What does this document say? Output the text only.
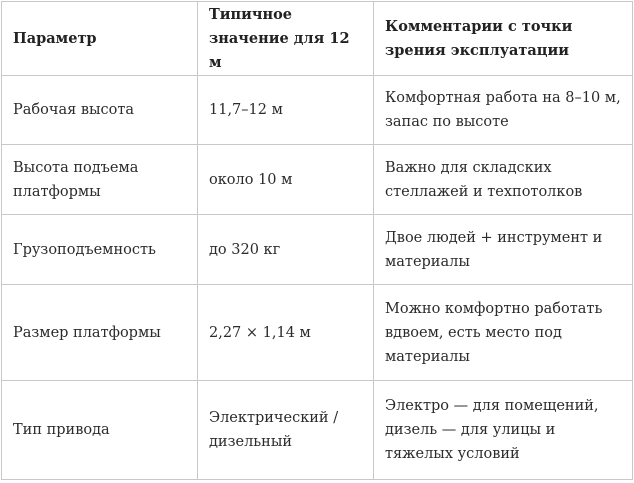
Параметр	Типичное значение для 12 м	Комментарии с точки зрения эксплуатации
Рабочая высота	11,7–12 м	Комфортная работа на 8–10 м, запас по высоте
Высота подъема платформы	около 10 м	Важно для складских стеллажей и техпотолков
Грузоподъемность	до 320 кг	Двое людей + инструмент и материалы
Размер платформы	2,27 × 1,14 м	Можно комфортно работать вдвоем, есть место под материалы
Тип привода	Электрический / дизельный	Электро — для помещений, дизель — для улицы и тяжелых условий
